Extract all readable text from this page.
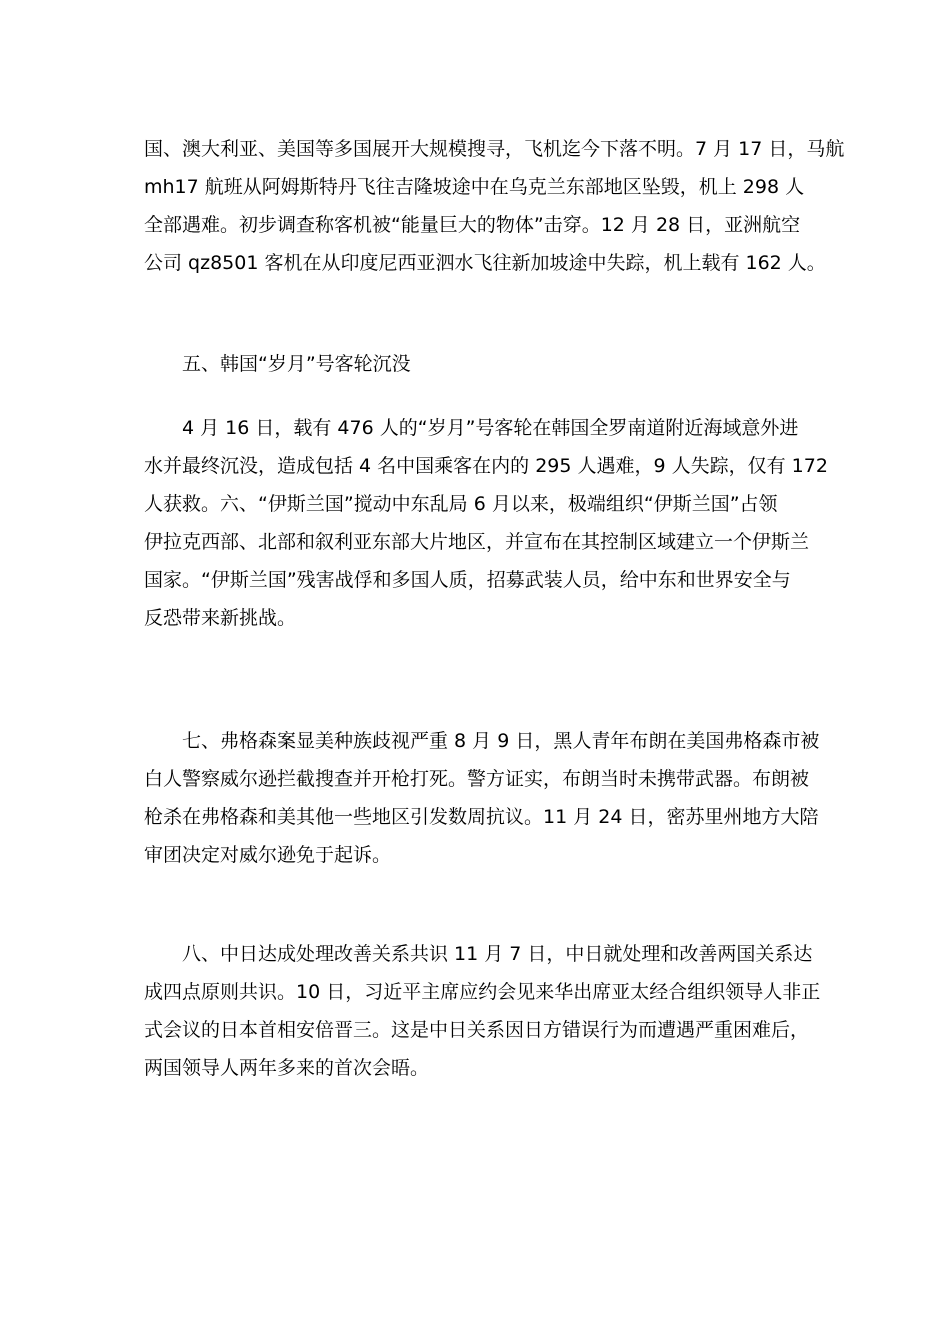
国、澳大利亚、美国等多国展开大规模搜寻，飞机迄今下落不明。7 月 17 日，马航
mh17 航班从阿姆斯特丹飞往吉隆坡途中在乌克兰东部地区坠毁，机上 298 人
全部遇难。初步调查称客机被“能量巨大的物体”击穿。12 月 28 日，亚洲航空
公司 qz8501 客机在从印度尼西亚泗水飞往新加坡途中失踪，机上载有 162 人。

五、韩国“岁月”号客轮沉没

4 月 16 日，载有 476 人的“岁月”号客轮在韩国全罗南道附近海域意外进
水并最终沉没，造成包括 4 名中国乘客在内的 295 人遇难，9 人失踪，仅有 172
人获救。六、“伊斯兰国”搅动中东乱局 6 月以来，极端组织“伊斯兰国”占领
伊拉克西部、北部和叙利亚东部大片地区，并宣布在其控制区域建立一个伊斯兰
国家。“伊斯兰国”残害战俘和多国人质，招募武装人员，给中东和世界安全与
反恐带来新挑战。

七、弗格森案显美种族歧视严重 8 月 9 日，黑人青年布朗在美国弗格森市被
白人警察威尔逊拦截搜查并开枪打死。警方证实，布朗当时未携带武器。布朗被
枪杀在弗格森和美其他一些地区引发数周抗议。11 月 24 日，密苏里州地方大陪
审团决定对威尔逊免于起诉。

八、中日达成处理改善关系共识 11 月 7 日，中日就处理和改善两国关系达
成四点原则共识。10 日，习近平主席应约会见来华出席亚太经合组织领导人非正
式会议的日本首相安倍晋三。这是中日关系因日方错误行为而遭遇严重困难后，
两国领导人两年多来的首次会晤。
